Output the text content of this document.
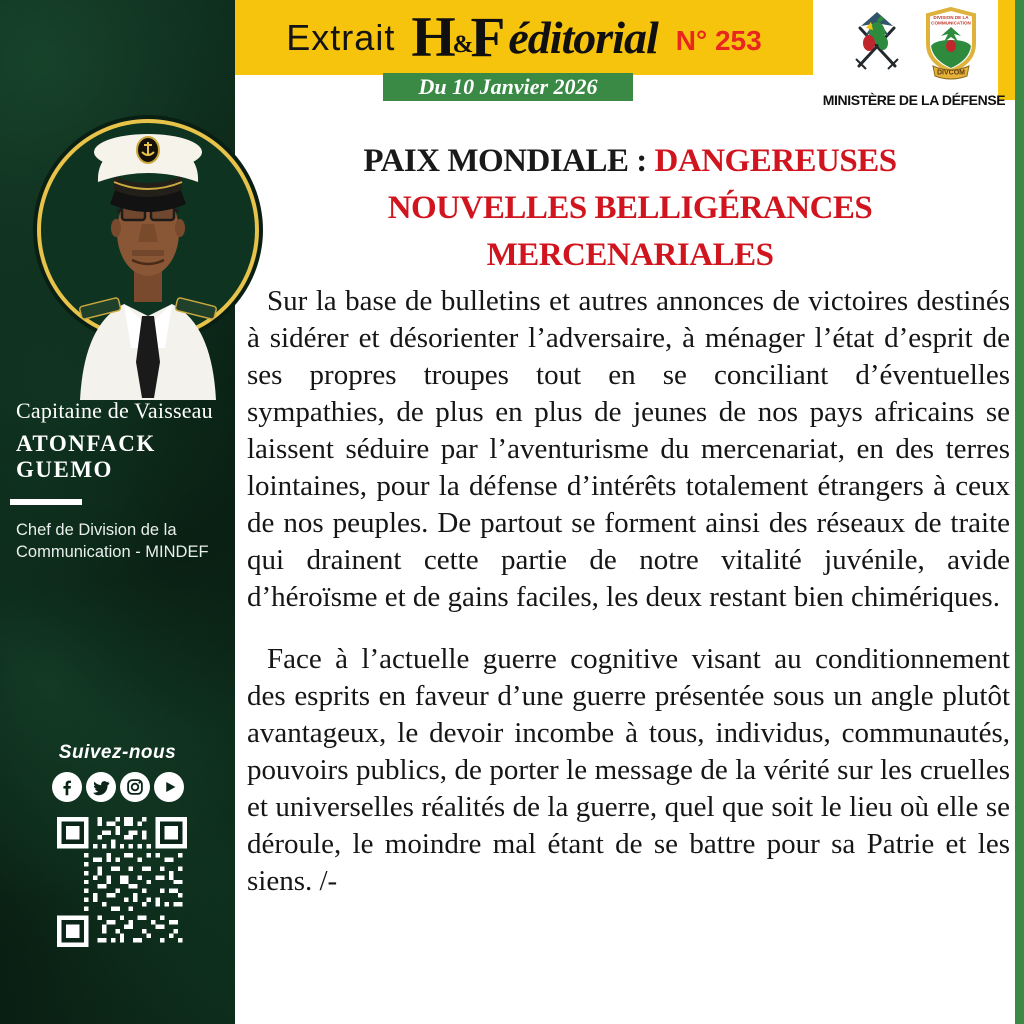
Extrait H
&
F éditorial N° 253
Du 10 Janvier 2026
DIVISION DE LA
COMMUNICATION
DIVCOM
MINISTÈRE DE LA DÉFENSE
Capitaine de Vaisseau
ATONFACK GUEMO
Chef de Division de la
Communication - MINDEF
Suivez-nous
PAIX MONDIALE : DANGEREUSES
NOUVELLES BELLIGÉRANCES
MERCENARIALES

Sur la base de bulletins et autres annonces de victoires destinés à sidérer et désorienter l’adversaire, à ménager l’état d’esprit de ses propres troupes tout en se conciliant d’éventuelles sympathies, de plus en plus de jeunes de nos pays africains se laissent séduire par l’aventurisme du mercenariat, en des terres lointaines, pour la défense d’intérêts totalement étrangers à ceux de nos peuples. De partout se forment ainsi des réseaux de traite qui drainent cette partie de notre vitalité juvénile, avide d’héroïsme et de gains faciles, les deux restant bien chimériques.

Face à l’actuelle guerre cognitive visant au conditionnement des esprits en faveur d’une guerre présentée sous un angle plutôt avantageux, le devoir incombe à tous, individus, communautés, pouvoirs publics, de porter le message de la vérité sur les cruelles et universelles réalités de la guerre, quel que soit le lieu où elle se déroule, le moindre mal étant de se battre pour sa Patrie et les siens. /-
